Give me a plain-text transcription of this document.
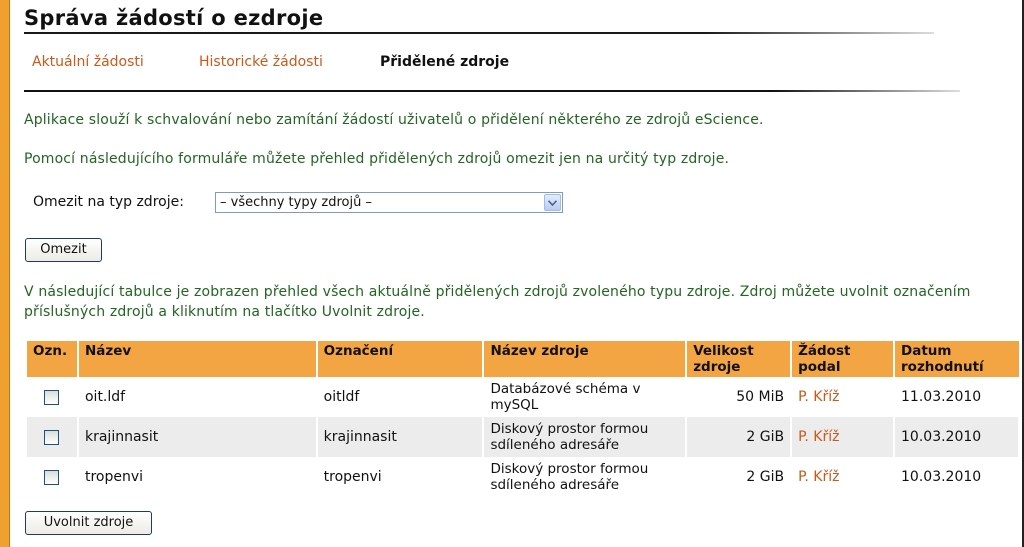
Správa žádostí o ezdroje
Aktuální žádosti	Historické žádosti	Přidělené zdroje
Aplikace slouží k schvalování nebo zamítání žádostí uživatelů o přidělení některého ze zdrojů eScience.
Pomocí následujícího formuláře můžete přehled přidělených zdrojů omezit jen na určitý typ zdroje.
Omezit na typ zdroje:	– všechny typy zdrojů –
Omezit
V následující tabulce je zobrazen přehled všech aktuálně přidělených zdrojů zvoleného typu zdroje. Zdroj můžete uvolnit označením příslušných zdrojů a kliknutím na tlačítko Uvolnit zdroje.
Ozn.	Název	Označení	Název zdroje	Velikost zdroje	Žádost podal	Datum rozhodnutí
	oit.ldf	oitldf	Databázové schéma v mySQL	50 MiB	P. Kříž	11.03.2010
	krajinnasit	krajinnasit	Diskový prostor formou sdíleného adresáře	2 GiB	P. Kříž	10.03.2010
	tropenvi	tropenvi	Diskový prostor formou sdíleného adresáře	2 GiB	P. Kříž	10.03.2010
Uvolnit zdroje
